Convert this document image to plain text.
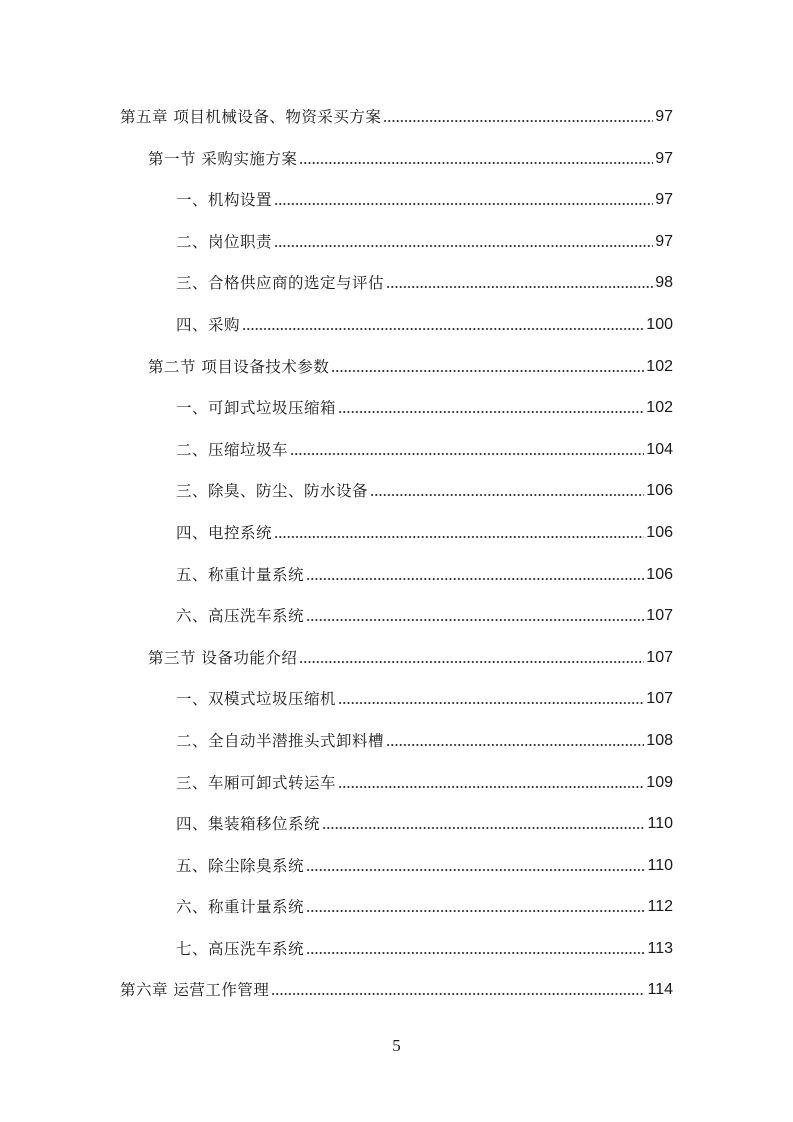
第五章 项目机械设备、物资采买方案	97
第一节 采购实施方案	97
一、机构设置	97
二、岗位职责	97
三、合格供应商的选定与评估	98
四、采购	100
第二节 项目设备技术参数	102
一、可卸式垃圾压缩箱	102
二、压缩垃圾车	104
三、除臭、防尘、防水设备	106
四、电控系统	106
五、称重计量系统	106
六、高压洗车系统	107
第三节 设备功能介绍	107
一、双模式垃圾压缩机	107
二、全自动半潜推头式卸料槽	108
三、车厢可卸式转运车	109
四、集装箱移位系统	110
五、除尘除臭系统	110
六、称重计量系统	112
七、高压洗车系统	113
第六章 运营工作管理	114
5
